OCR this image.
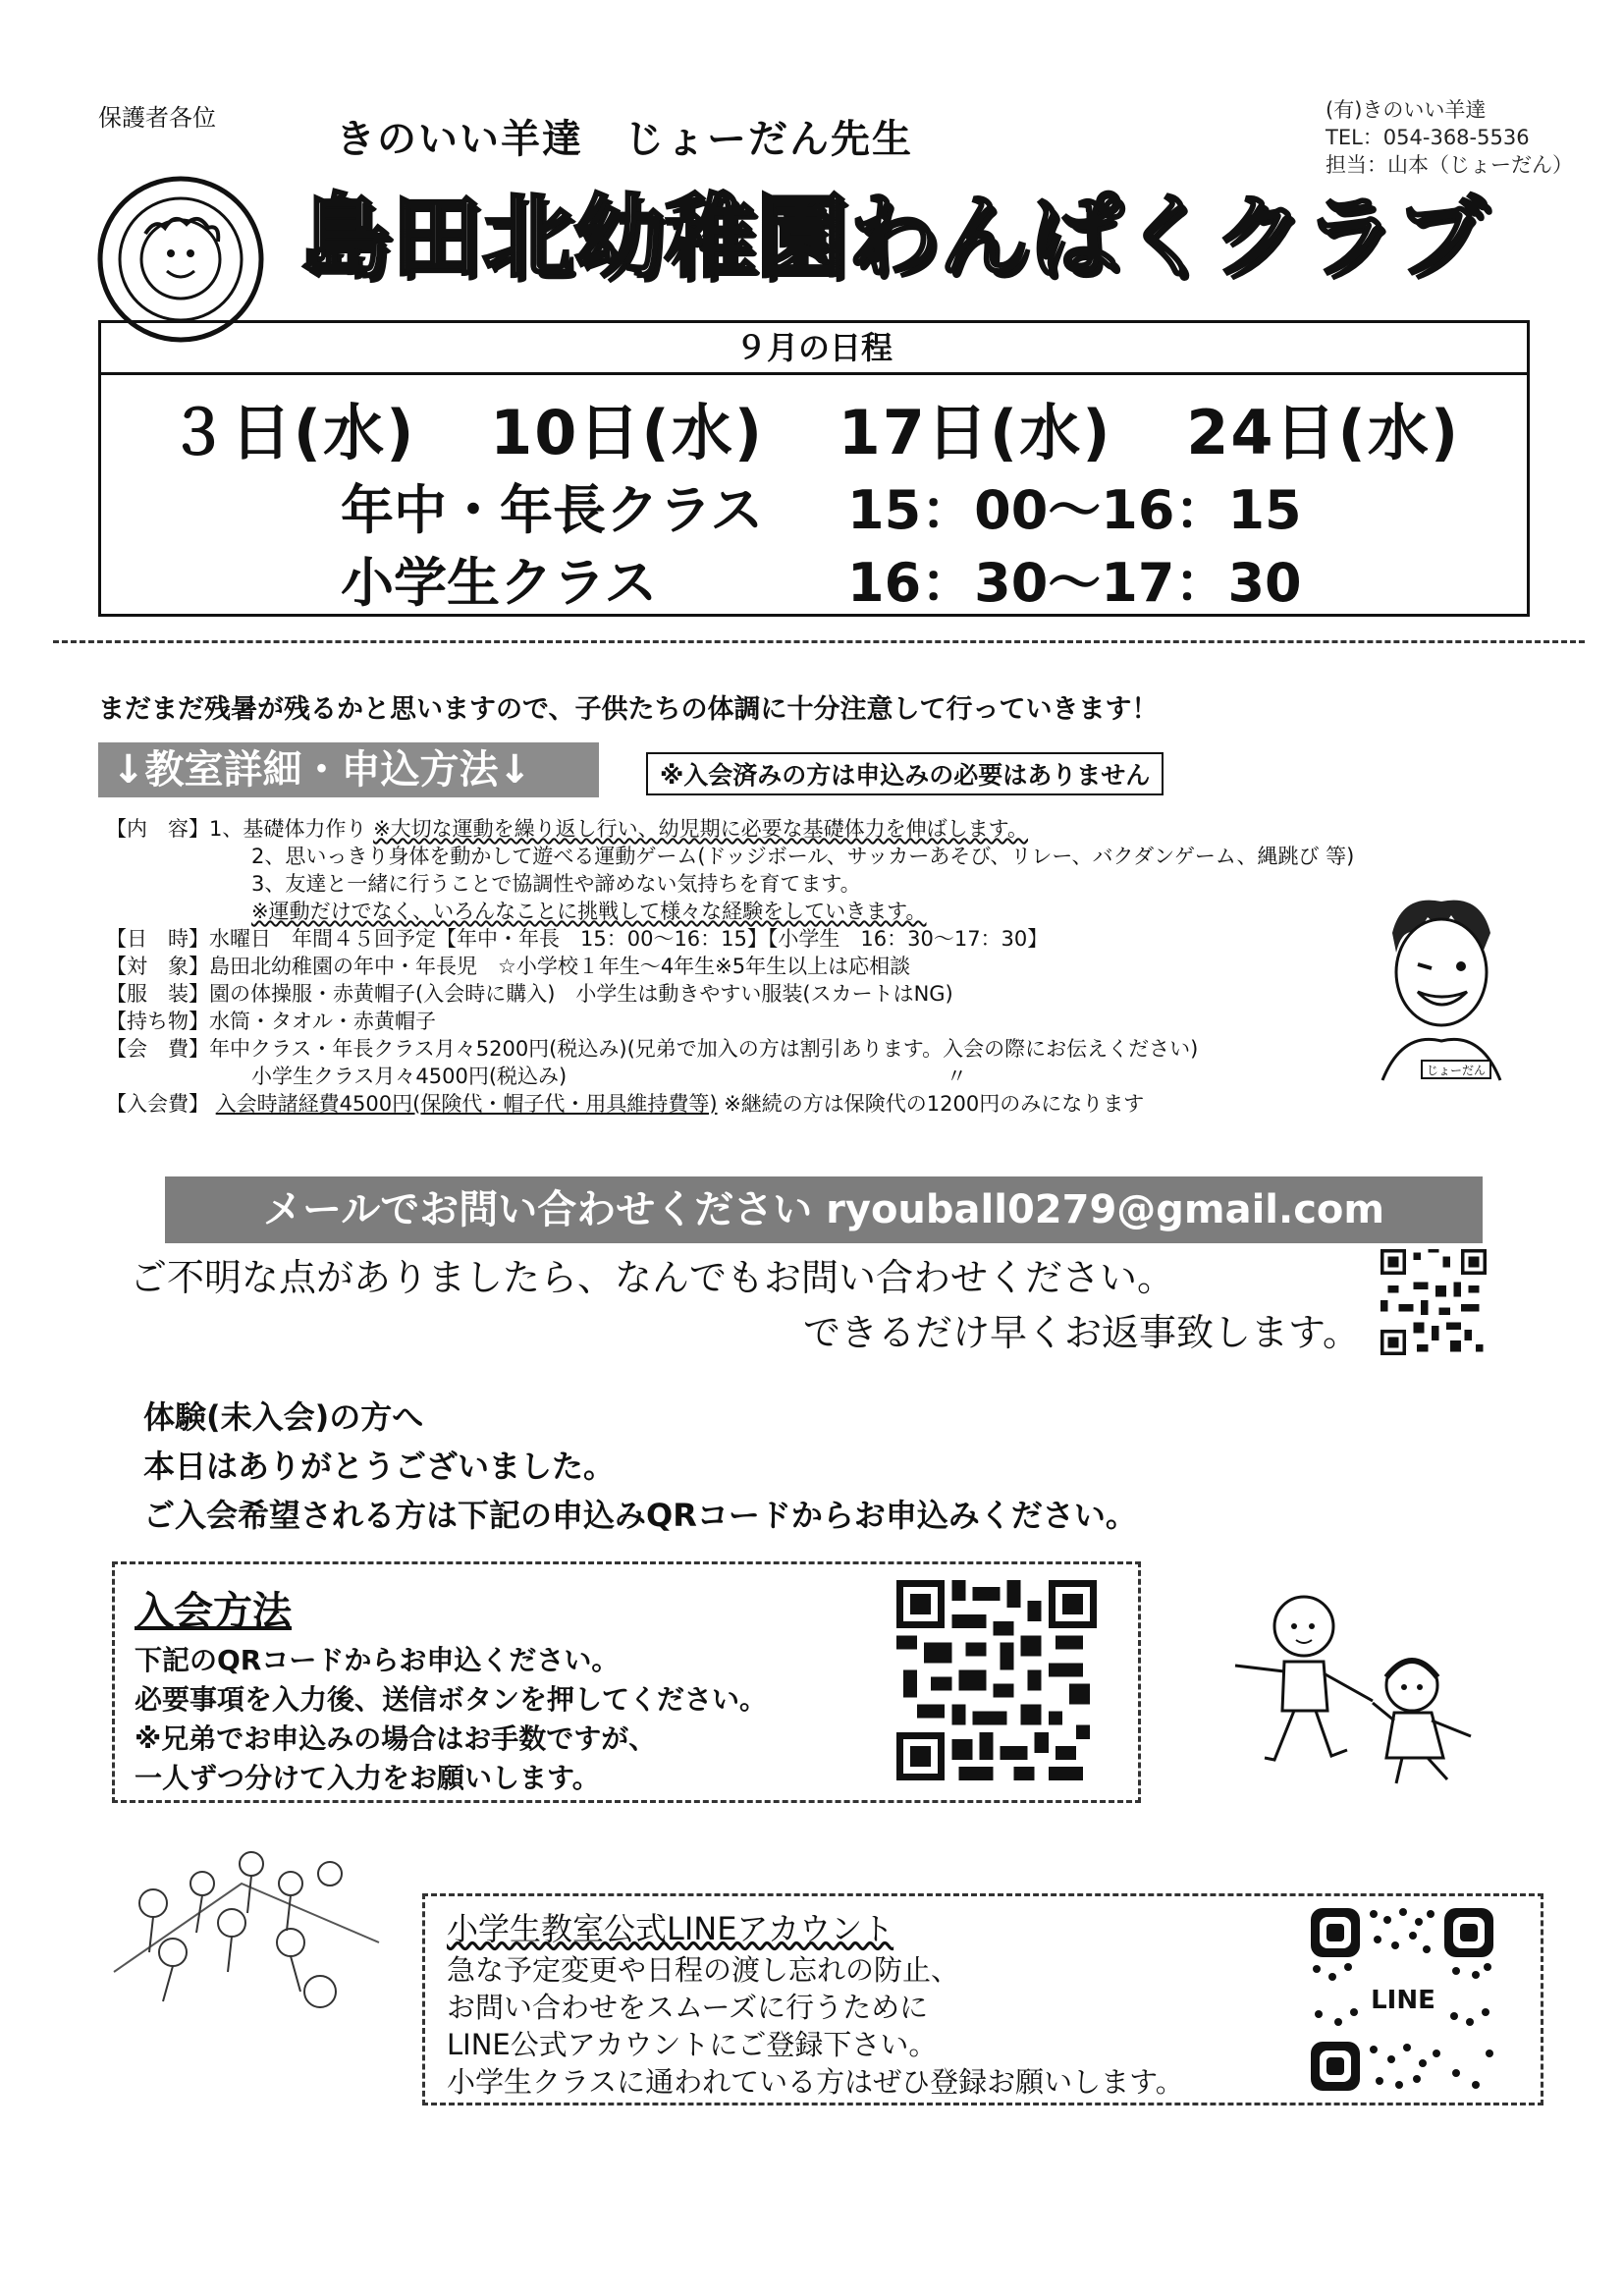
保護者各位	きのいい羊達　じょーだん先生
島田北幼稚園わんぱくクラブ
(有)きのいい羊達
TEL：054-368-5536
担当：山本（じょーだん）
９月の日程
３日(水) 10日(水) 17日(水) 24日(水)
年中・年長クラス 15：00〜16：15
小学生クラス	16：30〜17：30
まだまだ残暑が残るかと思いますので、子供たちの体調に十分注意して行っていきます！
↓教室詳細・申込方法↓	※入会済みの方は申込みの必要はありません
【内　容】1、基礎体力作り ※大切な運動を繰り返し行い、幼児期に必要な基礎体力を伸ばします。
2、思いっきり身体を動かして遊べる運動ゲーム(ドッジボール、サッカーあそび、リレー、バクダンゲーム、縄跳び 等)
3、友達と一緒に行うことで協調性や諦めない気持ちを育てます。
※運動だけでなく、いろんなことに挑戦して様々な経験をしていきます。
【日　時】水曜日　年間４５回予定【年中・年長　15：00〜16：15】【小学生　16：30〜17：30】
【対　象】島田北幼稚園の年中・年長児　☆小学校１年生〜4年生※5年生以上は応相談
【服　装】園の体操服・赤黄帽子(入会時に購入)　小学生は動きやすい服装(スカートはNG)
【持ち物】水筒・タオル・赤黄帽子
【会　費】年中クラス・年長クラス月々5200円(税込み)(兄弟で加入の方は割引あります。入会の際にお伝えください)
小学生クラス月々4500円(税込み)	〃
【入会費】 入会時諸経費4500円(保険代・帽子代・用具維持費等) ※継続の方は保険代の1200円のみになります
じょーだん
メールでお問い合わせください ryouball0279@gmail.com
ご不明な点がありましたら、なんでもお問い合わせください。
できるだけ早くお返事致します。
体験(未入会)の方へ
本日はありがとうございました。
ご入会希望される方は下記の申込みQRコードからお申込みください。
入会方法
下記のQRコードからお申込ください。
必要事項を入力後、送信ボタンを押してください。
※兄弟でお申込みの場合はお手数ですが、
一人ずつ分けて入力をお願いします。
小学生教室公式LINEアカウント
急な予定変更や日程の渡し忘れの防止、
お問い合わせをスムーズに行うために
LINE公式アカウントにご登録下さい。
小学生クラスに通われている方はぜひ登録お願いします。
LINE
